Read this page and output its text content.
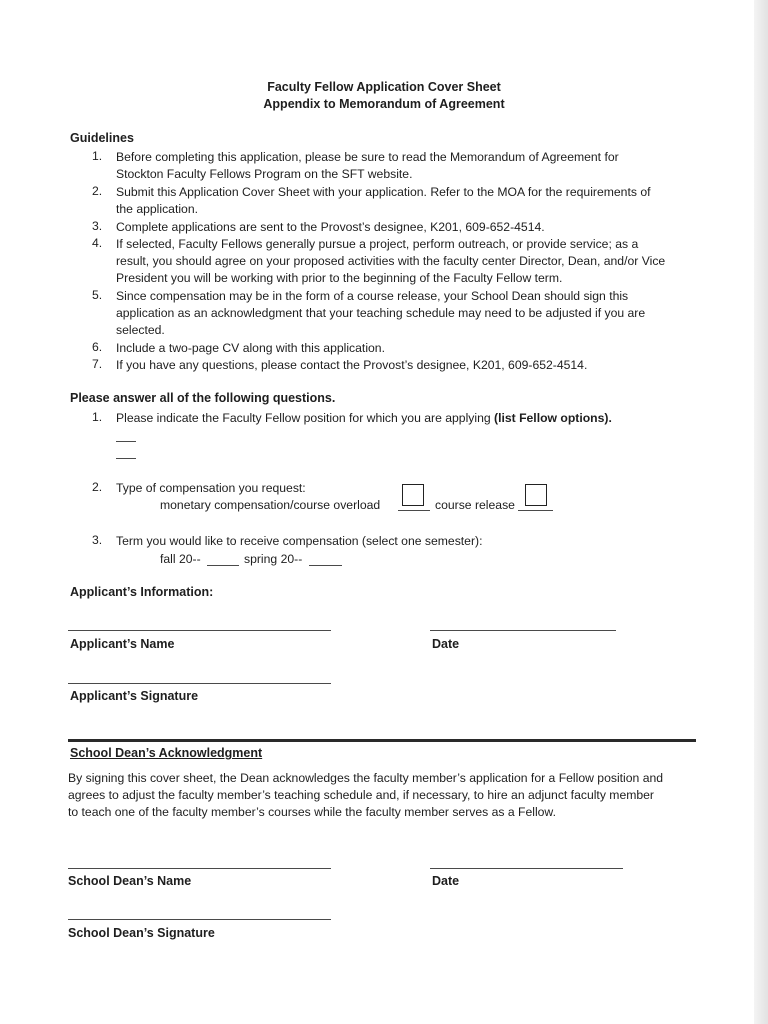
Faculty Fellow Application Cover Sheet
Appendix to Memorandum of Agreement
Guidelines
1. Before completing this application, please be sure to read the Memorandum of Agreement for
Stockton Faculty Fellows Program on the SFT website.
2. Submit this Application Cover Sheet with your application. Refer to the MOA for the requirements of
the application.
3. Complete applications are sent to the Provost’s designee, K201, 609-652-4514.
4. If selected, Faculty Fellows generally pursue a project, perform outreach, or provide service; as a
result, you should agree on your proposed activities with the faculty center Director, Dean, and/or Vice
President you will be working with prior to the beginning of the Faculty Fellow term.
5. Since compensation may be in the form of a course release, your School Dean should sign this
application as an acknowledgment that your teaching schedule may need to be adjusted if you are
selected.
6. Include a two-page CV along with this application.
7. If you have any questions, please contact the Provost’s designee, K201, 609-652-4514.
Please answer all of the following questions.
1. Please indicate the Faculty Fellow position for which you are applying (list Fellow options).
2. Type of compensation you request:
monetary compensation/course overload	course release
3. Term you would like to receive compensation (select one semester):
fall 20--	spring 20--
Applicant’s Information:
Applicant’s Name	Date
Applicant’s Signature
School Dean’s Acknowledgment
By signing this cover sheet, the Dean acknowledges the faculty member’s application for a Fellow position and
agrees to adjust the faculty member’s teaching schedule and, if necessary, to hire an adjunct faculty member
to teach one of the faculty member’s courses while the faculty member serves as a Fellow.
School Dean’s Name	Date
School Dean’s Signature
